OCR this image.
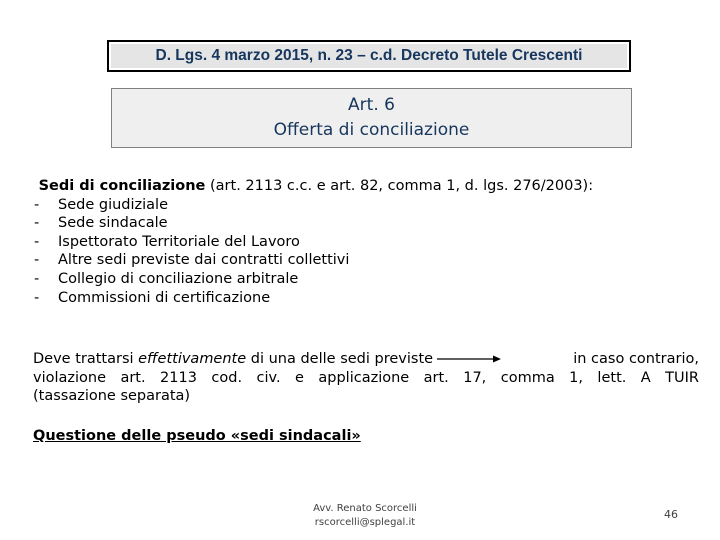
D. Lgs. 4 marzo 2015, n. 23 – c.d. Decreto Tutele Crescenti
Art. 6
Offerta di conciliazione
Sedi di conciliazione (art. 2113 c.c. e art. 82, comma 1, d. lgs. 276/2003):
-	Sede giudiziale
-	Sede sindacale
-	Ispettorato Territoriale del Lavoro
-	Altre sedi previste dai contratti collettivi
-	Collegio di conciliazione arbitrale
-	Commissioni di certificazione
Deve trattarsi effettivamente di una delle sedi previste	in caso contrario,
violazione art. 2113 cod. civ. e applicazione art. 17, comma 1, lett. A TUIR
(tassazione separata)
Questione delle pseudo «sedi sindacali»
Avv. Renato Scorcelli
rscorcelli@splegal.it
46
